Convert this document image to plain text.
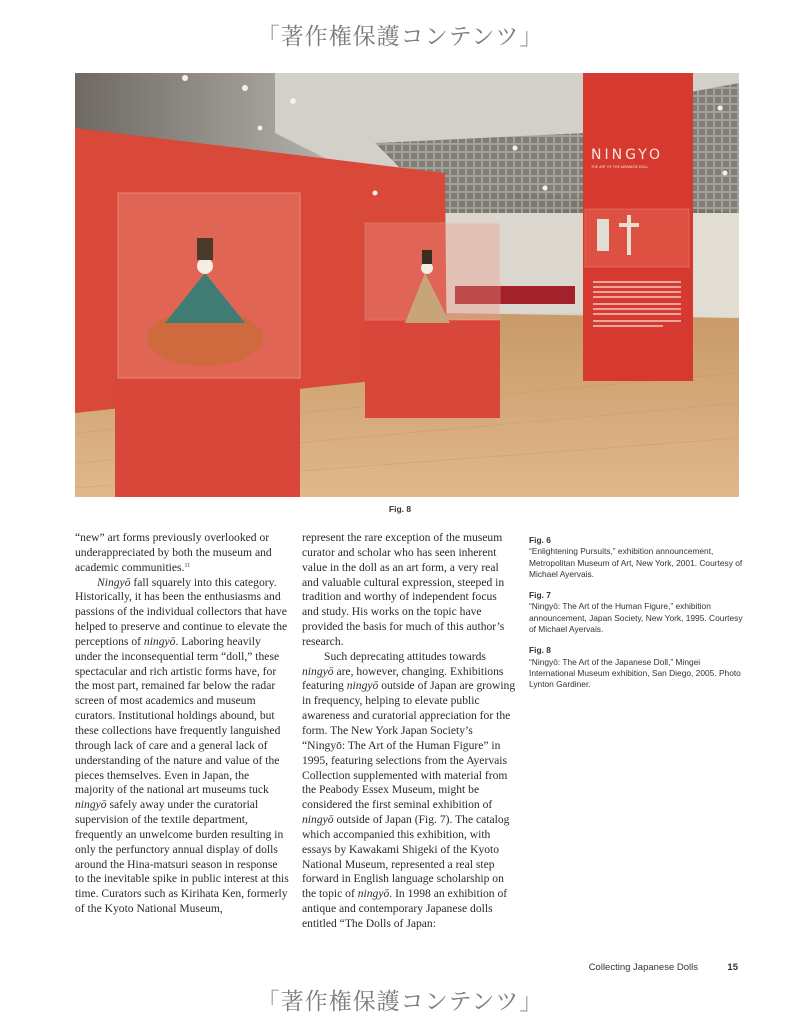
「著作権保護コンテンツ」
NINGYO
THE ART OF THE JAPANESE DOLL
Fig. 8

“new” art forms previously overlooked or underappreciated by both the museum and academic communities.$^{11}$

Ningyō fall squarely into this category. Historically, it has been the enthusiasms and passions of the individual collectors that have helped to preserve and continue to elevate the perceptions of ningyō. Laboring heavily under the inconsequential term “doll,” these spectacular and rich artistic forms have, for the most part, remained far below the radar screen of most academics and museum curators. Institutional holdings abound, but these collections have frequently languished through lack of care and a general lack of understanding of the nature and value of the pieces themselves. Even in Japan, the majority of the national art museums tuck ningyō safely away under the curatorial supervision of the textile department, frequently an unwelcome burden resulting in only the perfunctory annual display of dolls around the Hina-matsuri season in response to the inevitable spike in public interest at this time. Curators such as Kirihata Ken, formerly of the Kyoto National Museum,

represent the rare exception of the museum curator and scholar who has seen inherent value in the doll as an art form, a very real and valuable cultural expression, steeped in tradition and worthy of independent focus and study. His works on the topic have provided the basis for much of this author’s research.

Such deprecating attitudes towards ningyō are, however, changing. Exhibitions featuring ningyō outside of Japan are growing in frequency, helping to elevate public awareness and curatorial appreciation for the form. The New York Japan Society’s “Ningyō: The Art of the Human Figure” in 1995, featuring selections from the Ayervais Collection supplemented with material from the Peabody Essex Museum, might be considered the first seminal exhibition of ningyō outside of Japan (Fig. 7). The catalog which accompanied this exhibition, with essays by Kawakami Shigeki of the Kyoto National Museum, represented a real step forward in English language scholarship on the topic of ningyō. In 1998 an exhibition of antique and contemporary Japanese dolls entitled “The Dolls of Japan:

Fig. 6
“Enlightening Pursuits,” exhibition announcement, Metropolitan Museum of Art, New York, 2001. Courtesy of Michael Ayervais.
Fig. 7
“Ningyō: The Art of the Human Figure,” exhibition announcement, Japan Society, New York, 1995. Courtesy of Michael Ayervais.
Fig. 8
“Ningyō: The Art of the Japanese Doll,” Mingei International Museum exhibition, San Diego, 2005. Photo Lynton Gardiner.
Collecting Japanese Dolls	15
「著作権保護コンテンツ」
